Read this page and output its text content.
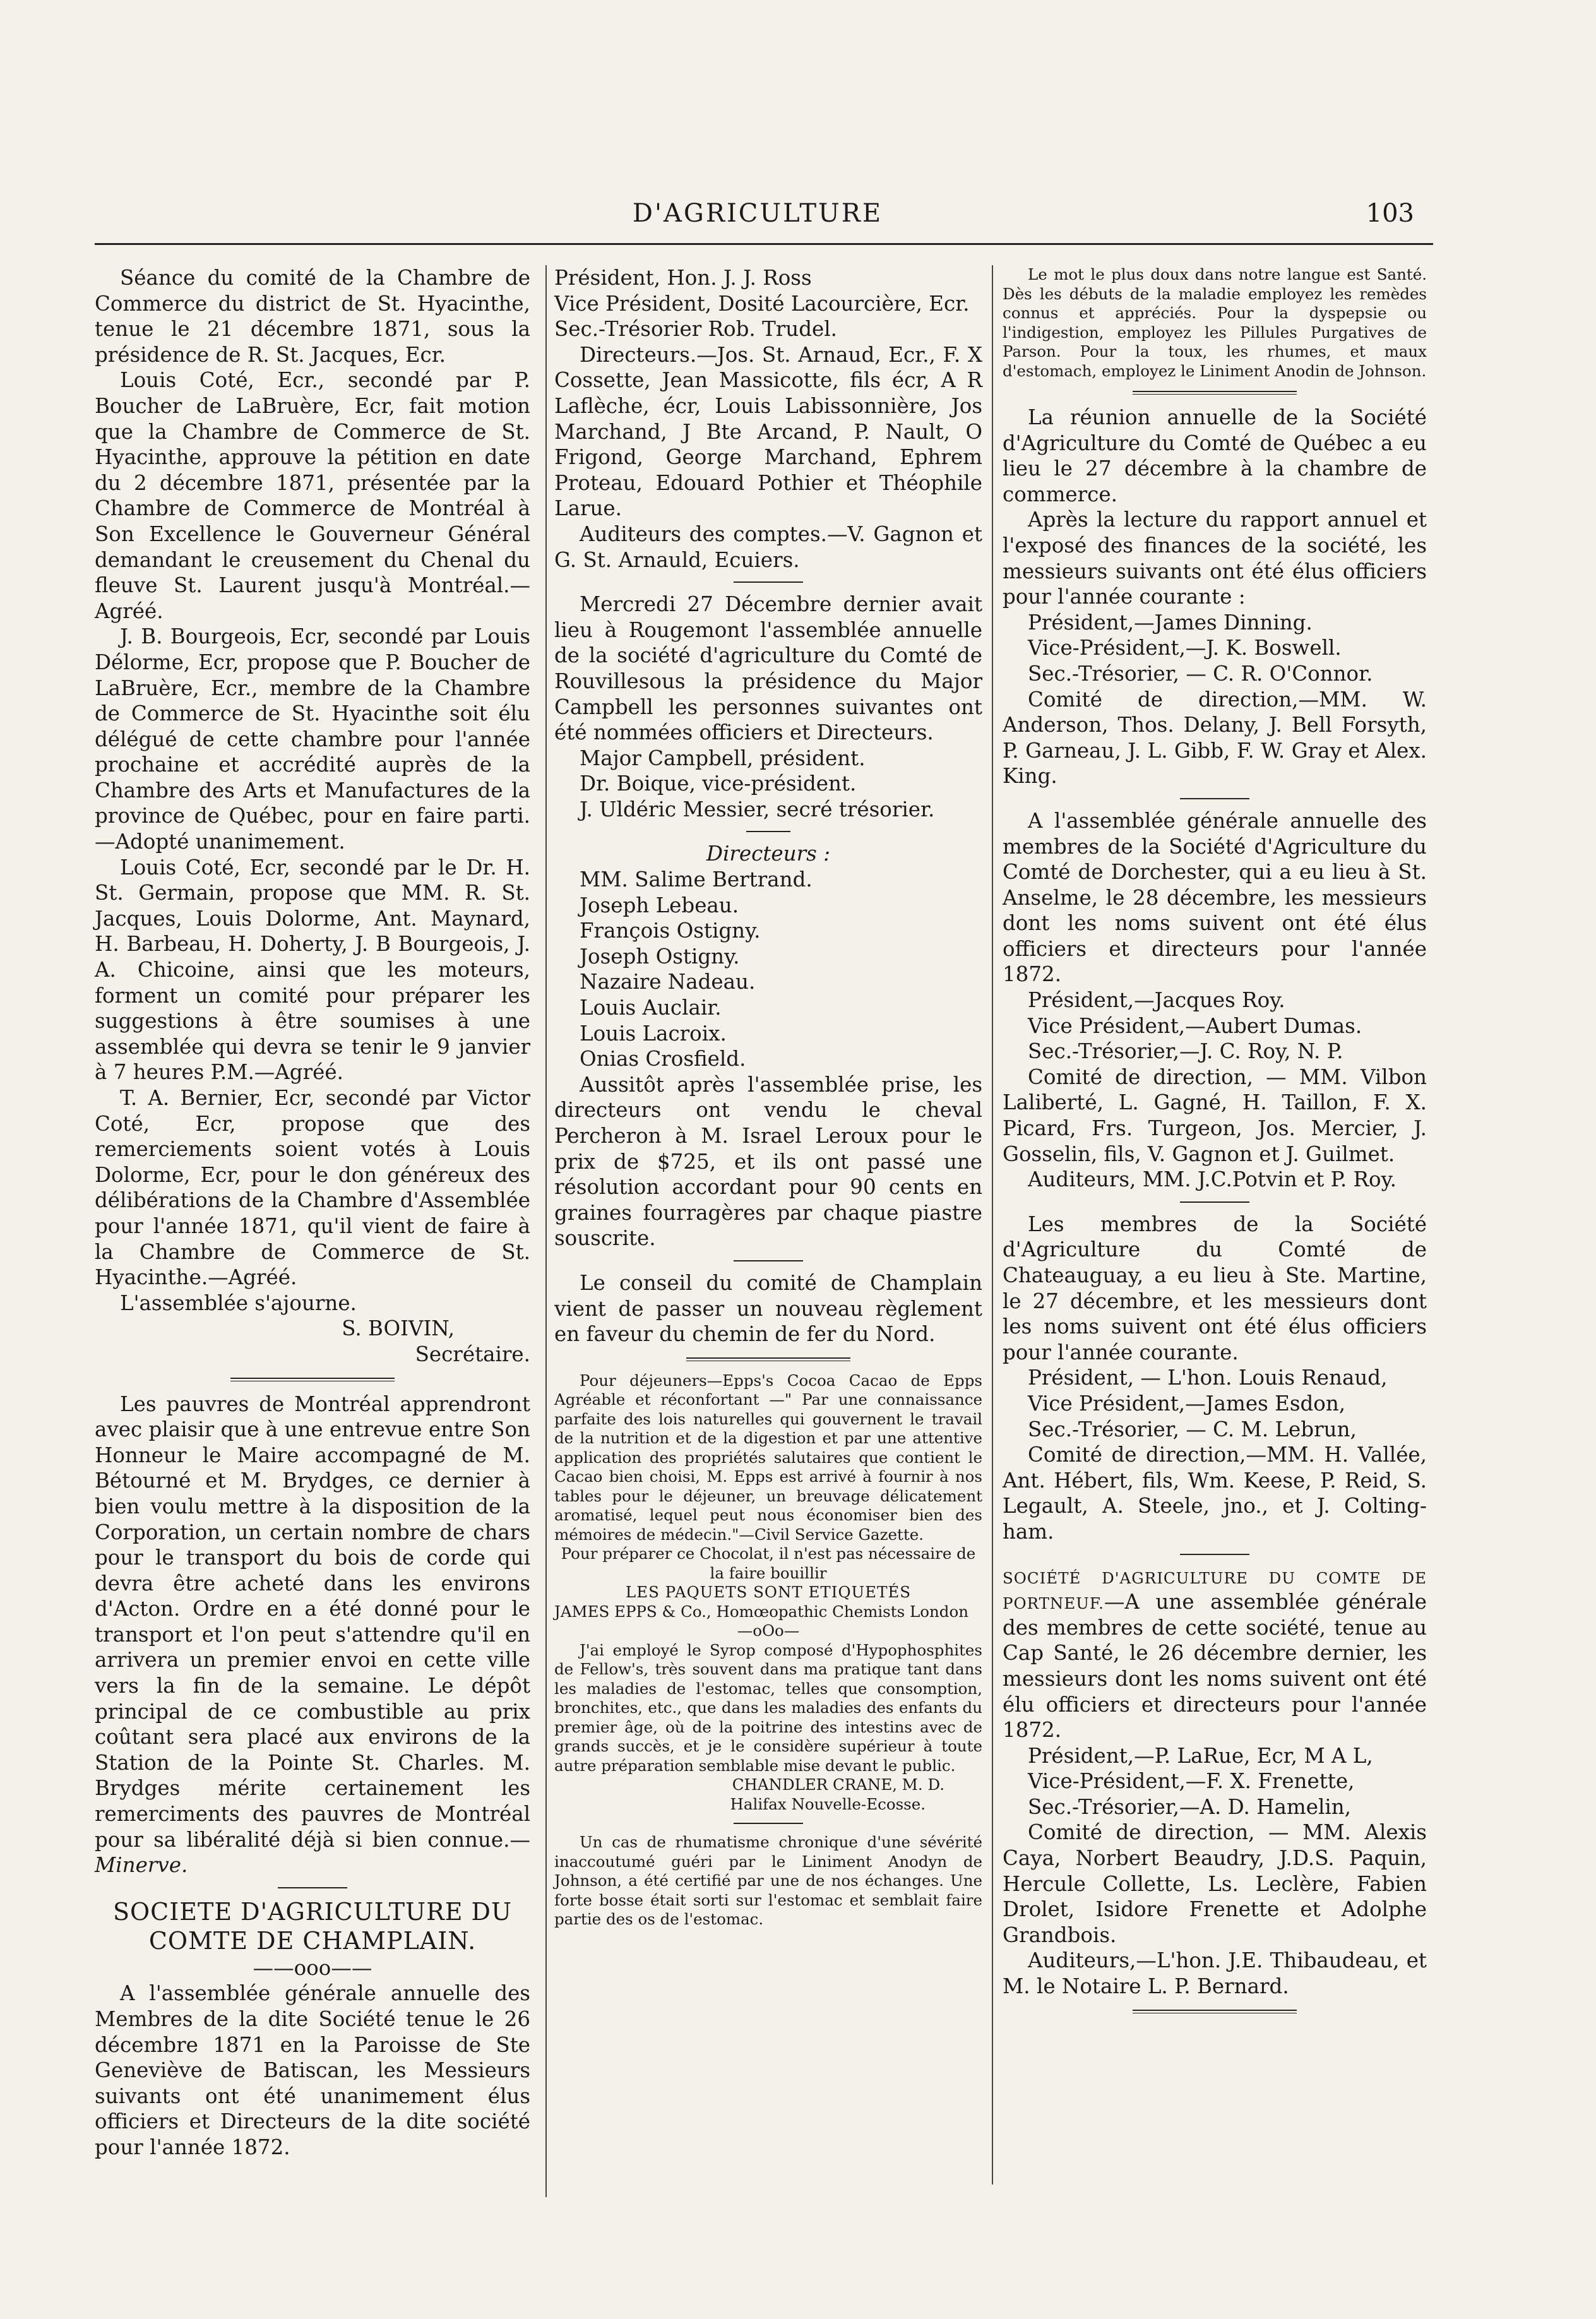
D'AGRICULTURE	103

Séance du comité de la Chambre de Commerce du district de St. Hyacinthe, tenue le 21 décembre 1871, sous la présidence de R. St. Jacques, Ecr.

Louis Coté, Ecr., secondé par P. Boucher de LaBruère, Ecr, fait motion que la Chambre de Commerce de St. Hyacinthe, approuve la pétition en date du 2 décembre 1871, présentée par la Chambre de Commerce de Montréal à Son Excellence le Gouverneur Général demandant le creusement du Chenal du fleuve St. Laurent jusqu'à Montréal.—Agréé.

J. B. Bourgeois, Ecr, secondé par Louis Délorme, Ecr, propose que P. Boucher de LaBruère, Ecr., membre de la Chambre de Commerce de St. Hyacinthe soit élu délégué de cette chambre pour l'année prochaine et accrédité auprès de la Chambre des Arts et Manufactures de la province de Québec, pour en faire parti.—Adopté unanimement.

Louis Coté, Ecr, secondé par le Dr. H. St. Germain, propose que MM. R. St. Jacques, Louis Dolorme, Ant. Maynard, H. Barbeau, H. Doherty, J. B Bourgeois, J. A. Chicoine, ainsi que les moteurs, forment un comité pour préparer les suggestions à être soumises à une assemblée qui devra se tenir le 9 janvier à 7 heures P.M.—Agréé.

T. A. Bernier, Ecr, secondé par Victor Coté, Ecr, propose que des remerciements soient votés à Louis Dolorme, Ecr, pour le don généreux des délibérations de la Chambre d'Assemblée pour l'année 1871, qu'il vient de faire à la Chambre de Commerce de St. Hyacinthe.—Agréé.

L'assemblée s'ajourne.

S. BOIVIN,
Secrétaire.

Les pauvres de Montréal apprendront avec plaisir que à une entrevue entre Son Honneur le Maire accompagné de M. Bétourné et M. Brydges, ce dernier à bien voulu mettre à la disposition de la Corporation, un certain nombre de chars pour le transport du bois de corde qui devra être acheté dans les environs d'Acton. Ordre en a été donné pour le transport et l'on peut s'attendre qu'il en arrivera un premier envoi en cette ville vers la fin de la semaine. Le dépôt principal de ce combustible au prix coûtant sera placé aux environs de la Station de la Pointe St. Charles. M. Brydges mérite certainement les remerciments des pauvres de Montréal pour sa libéralité déjà si bien connue.—Minerve.

SOCIETE D'AGRICULTURE DU
COMTE DE CHAMPLAIN.
——ooo——

A l'assemblée générale annuelle des Membres de la dite Société tenue le 26 décembre 1871 en la Paroisse de Ste Geneviève de Batiscan, les Messieurs suivants ont été unanimement élus officiers et Directeurs de la dite société pour l'année 1872.

Président, Hon. J. J. Ross

Vice Président, Dosité Lacourcière, Ecr.

Sec.-Trésorier Rob. Trudel.

Directeurs.—Jos. St. Arnaud, Ecr., F. X Cossette, Jean Massicotte, fils écr, A R Laflèche, écr, Louis Labissonnière, Jos Marchand, J Bte Arcand, P. Nault, O Frigond, George Marchand, Ephrem Proteau, Edouard Pothier et Théophile Larue.

Auditeurs des comptes.—V. Gagnon et G. St. Arnauld, Ecuiers.

Mercredi 27 Décembre dernier avait lieu à Rougemont l'assemblée annuelle de la société d'agriculture du Comté de Rouvillesous la présidence du Major Campbell les personnes suivantes ont été nommées officiers et Directeurs.

Major Campbell, président.

Dr. Boique, vice-président.

J. Uldéric Messier, secré trésorier.

Directeurs :
MM. Salime Bertrand.
Joseph Lebeau.
François Ostigny.
Joseph Ostigny.
Nazaire Nadeau.
Louis Auclair.
Louis Lacroix.
Onias Crosfield.

Aussitôt après l'assemblée prise, les directeurs ont vendu le cheval Percheron à M. Israel Leroux pour le prix de $725, et ils ont passé une résolution accordant pour 90 cents en graines fourragères par chaque piastre souscrite.

Le conseil du comité de Champlain vient de passer un nouveau règlement en faveur du chemin de fer du Nord.

Pour déjeuners—Epps's Cocoa Cacao de Epps Agréable et réconfortant —" Par une connaissance parfaite des lois naturelles qui gouvernent le travail de la nutrition et de la digestion et par une attentive application des propriétés salutaires que contient le Cacao bien choisi, M. Epps est arrivé à fournir à nos tables pour le déjeuner, un breuvage délicatement aromatisé, lequel peut nous économiser bien des mémoires de médecin."—Civil Service Gazette.

Pour préparer ce Chocolat, il n'est pas nécessaire de la faire bouillir

LES PAQUETS SONT ETIQUETÉS

JAMES EPPS & Co., Homœopathic Chemists London

—oOo—

J'ai employé le Syrop composé d'Hypophosphites de Fellow's, très souvent dans ma pratique tant dans les maladies de l'estomac, telles que consomption, bronchites, etc., que dans les maladies des enfants du premier âge, où de la poitrine des intestins avec de grands succès, et je le considère supérieur à toute autre préparation semblable mise devant le public.

CHANDLER CRANE, M. D.

Halifax Nouvelle-Ecosse.

Un cas de rhumatisme chronique d'une sévérité inaccoutumé guéri par le Liniment Anodyn de Johnson, a été certifié par une de nos échanges. Une forte bosse était sorti sur l'estomac et semblait faire partie des os de l'estomac.

Le mot le plus doux dans notre langue est Santé. Dès les débuts de la maladie employez les remèdes connus et appréciés. Pour la dyspepsie ou l'indigestion, employez les Pillules Purgatives de Parson. Pour la toux, les rhumes, et maux d'estomach, employez le Liniment Anodin de Johnson.

La réunion annuelle de la Société d'Agriculture du Comté de Québec a eu lieu le 27 décembre à la chambre de commerce.

Après la lecture du rapport annuel et l'exposé des finances de la société, les messieurs suivants ont été élus officiers pour l'année courante :

Président,—James Dinning.

Vice-Président,—J. K. Boswell.

Sec.-Trésorier, — C. R. O'Connor.

Comité de direction,—MM. W. Anderson, Thos. Delany, J. Bell Forsyth, P. Garneau, J. L. Gibb, F. W. Gray et Alex. King.

A l'assemblée générale annuelle des membres de la Société d'Agriculture du Comté de Dorchester, qui a eu lieu à St. Anselme, le 28 décembre, les messieurs dont les noms suivent ont été élus officiers et directeurs pour l'année 1872.

Président,—Jacques Roy.

Vice Président,—Aubert Dumas.

Sec.-Trésorier,—J. C. Roy, N. P.

Comité de direction, — MM. Vilbon Laliberté, L. Gagné, H. Taillon, F. X. Picard, Frs. Turgeon, Jos. Mercier, J. Gosselin, fils, V. Gagnon et J. Guilmet.

Auditeurs, MM. J.C.Potvin et P. Roy.

Les membres de la Société d'Agriculture du Comté de Chateauguay, a eu lieu à Ste. Martine, le 27 décembre, et les messieurs dont les noms suivent ont été élus officiers pour l'année courante.

Président, — L'hon. Louis Renaud,

Vice Président,—James Esdon,

Sec.-Trésorier, — C. M. Lebrun,

Comité de direction,—MM. H. Vallée, Ant. Hébert, fils, Wm. Keese, P. Reid, S. Legault, A. Steele, jno., et J. Colting-ham.

SOCIÉTÉ D'AGRICULTURE DU COMTE DE PORTNEUF.—A une assemblée générale des membres de cette société, tenue au Cap Santé, le 26 décembre dernier, les messieurs dont les noms suivent ont été élu officiers et directeurs pour l'année 1872.

Président,—P. LaRue, Ecr, M A L,

Vice-Président,—F. X. Frenette,

Sec.-Trésorier,—A. D. Hamelin,

Comité de direction, — MM. Alexis Caya, Norbert Beaudry, J.D.S. Paquin, Hercule Collette, Ls. Leclère, Fabien Drolet, Isidore Frenette et Adolphe Grandbois.

Auditeurs,—L'hon. J.E. Thibaudeau, et M. le Notaire L. P. Bernard.
